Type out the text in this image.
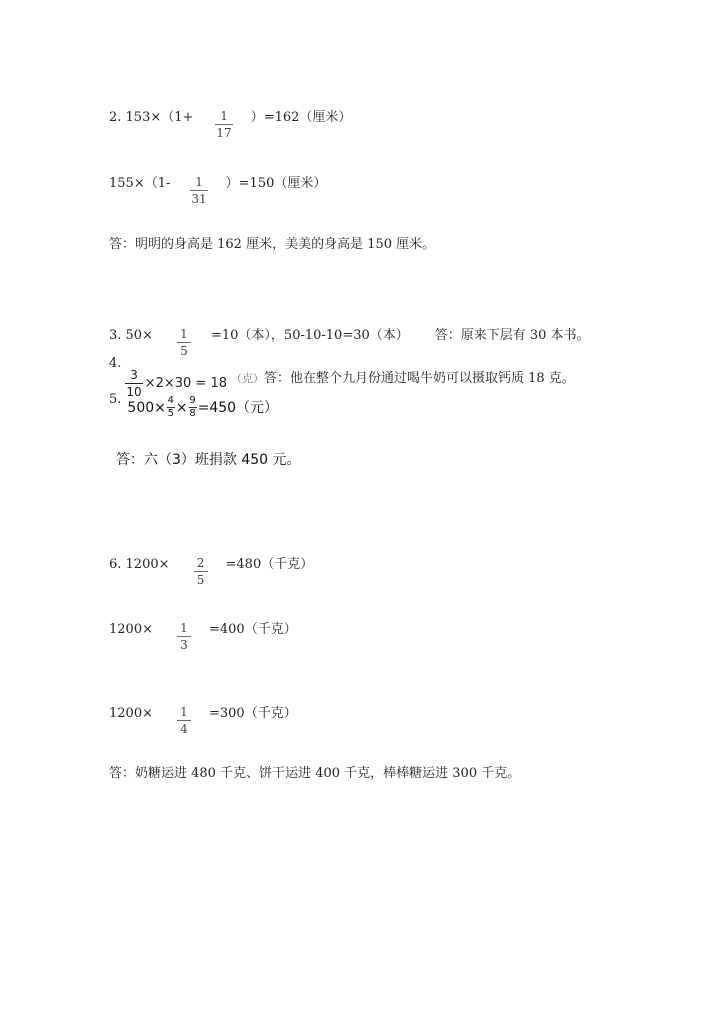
2. $153\times(1+ \frac{1}{17} )=162$（厘米）
$155\times(1- \frac{1}{31} )=150$（厘米）
答：明明的身高是 162 厘米，美美的身高是 150 厘米。
3. $50\times \frac{1}{5} =10$（本），50-10-10=30（本） 答：原来下层有 30 本书。
4.
$\frac{3}{10} \times 2\times 30 = 18$ （克） 答：他在整个九月份通过喝牛奶可以摄取钙质 18 克。
5. $500\times \frac{4}{5} \times \frac{9}{8} =450$（元）
答：六（3）班捐款 450 元。
6. $1200\times \frac{2}{5} =480$（千克）
$1200\times \frac{1}{3} =400$（千克）
$1200\times \frac{1}{4} =300$（千克）
答：奶糖运进 480 千克、饼干运进 400 千克，棒棒糖运进 300 千克。
